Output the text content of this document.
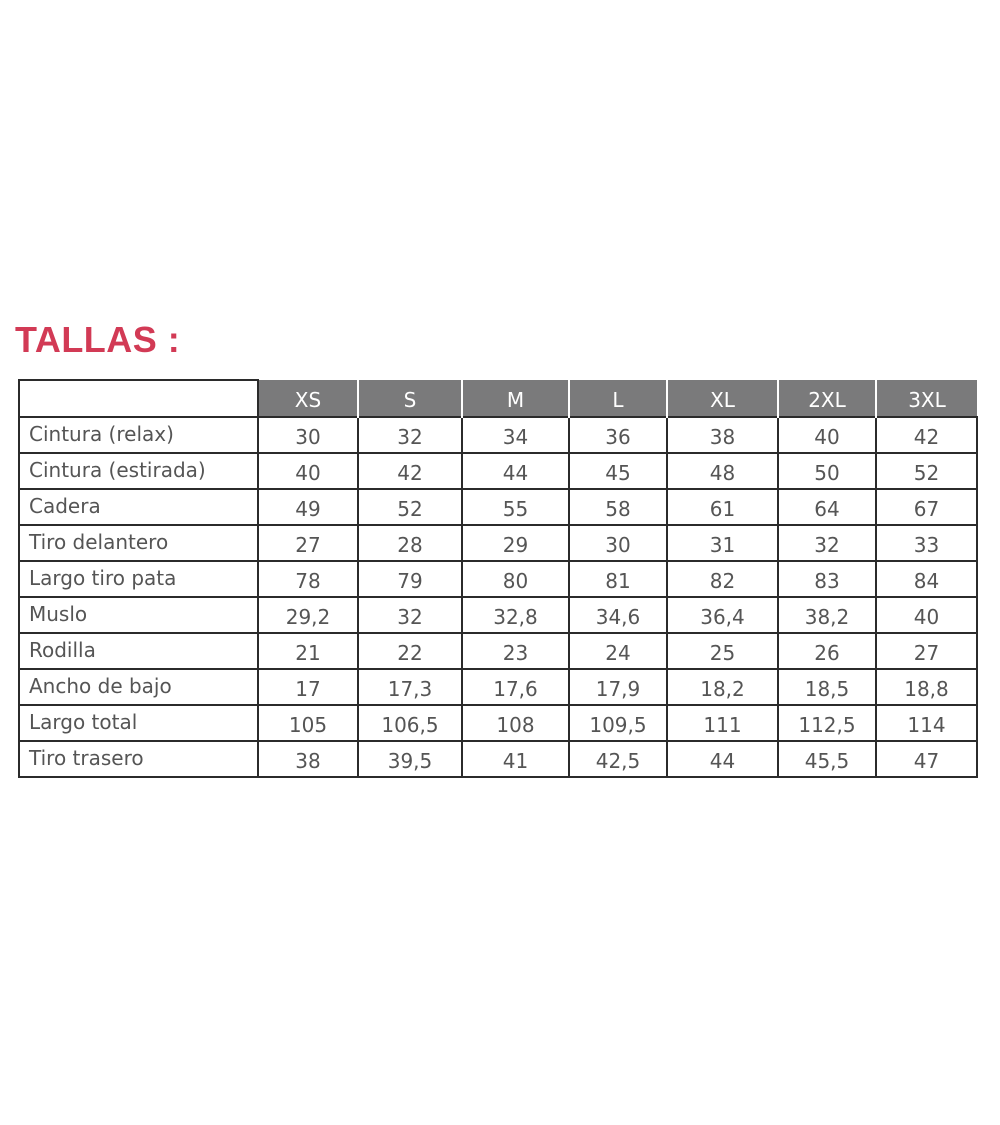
TALLAS :
	XS	S	M	L	XL	2XL	3XL
Cintura (relax)	30	32	34	36	38	40	42
Cintura (estirada)	40	42	44	45	48	50	52
Cadera	49	52	55	58	61	64	67
Tiro delantero	27	28	29	30	31	32	33
Largo tiro pata	78	79	80	81	82	83	84
Muslo	29,2	32	32,8	34,6	36,4	38,2	40
Rodilla	21	22	23	24	25	26	27
Ancho de bajo	17	17,3	17,6	17,9	18,2	18,5	18,8
Largo total	105	106,5	108	109,5	111	112,5	114
Tiro trasero	38	39,5	41	42,5	44	45,5	47
